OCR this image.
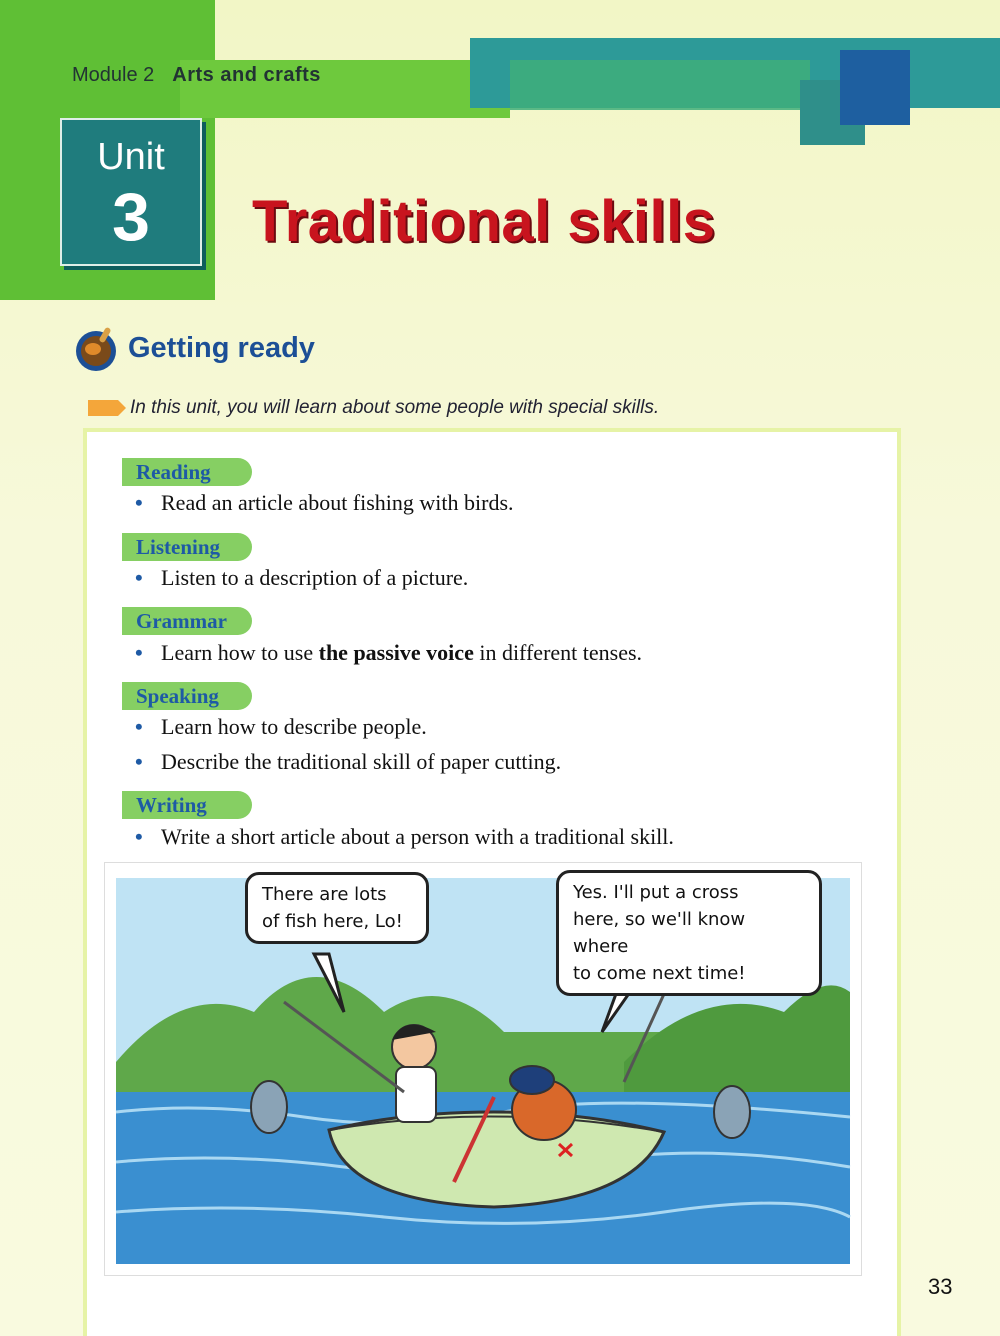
Module 2 Arts and crafts
Unit
3	Traditional skills
Getting ready
In this unit, you will learn about some people with special skills.
Reading
• Read an article about fishing with birds.
Listening
• Listen to a description of a picture.
Grammar
• Learn how to use the passive voice in different tenses.
Speaking
• Learn how to describe people.
• Describe the traditional skill of paper cutting.
Writing
• Write a short article about a person with a traditional skill.
There are lots
of fish here, Lo!
Yes. I'll put a cross
here, so we'll know where
to come next time!
33
